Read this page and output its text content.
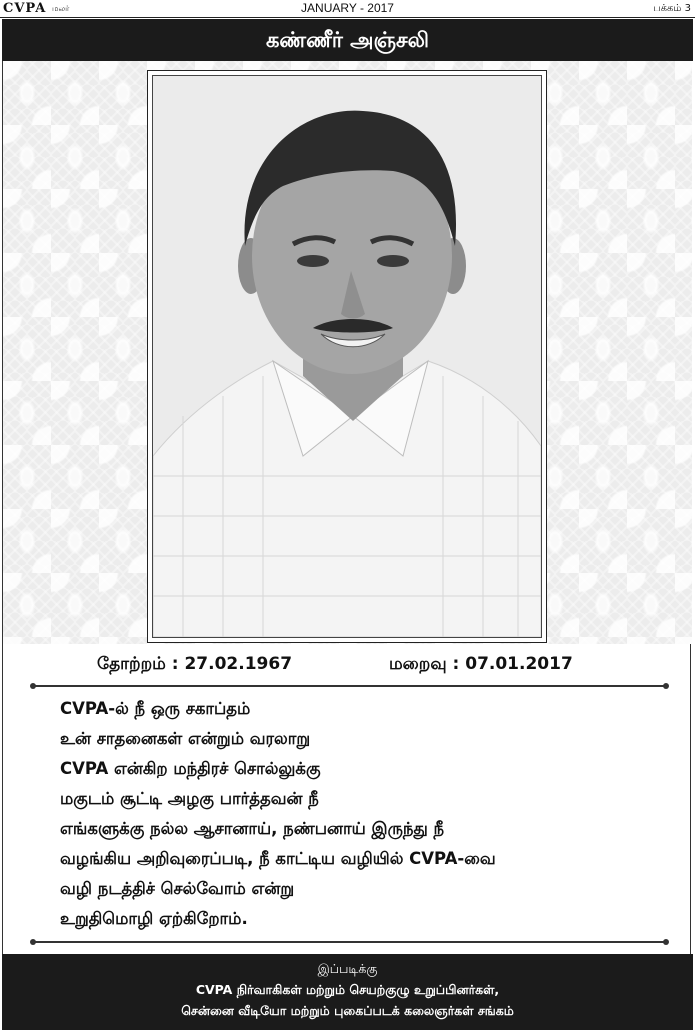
CVPA மலர்	JANUARY - 2017	பக்கம் 3
கண்ணீர் அஞ்சலி
தோற்றம் : 27.02.1967	மறைவு : 07.01.2017
CVPA-ல் நீ ஒரு சகாப்தம்
உன் சாதனைகள் என்றும் வரலாறு
CVPA என்கிற மந்திரச் சொல்லுக்கு
மகுடம் சூட்டி அழகு பார்த்தவன் நீ
எங்களுக்கு நல்ல ஆசானாய், நண்பனாய் இருந்து நீ
வழங்கிய அறிவுரைப்படி, நீ காட்டிய வழியில் CVPA-வை
வழி நடத்திச் செல்வோம் என்று
உறுதிமொழி ஏற்கிறோம்.
இப்படிக்கு
CVPA நிர்வாகிகள் மற்றும் செயற்குழு உறுப்பினர்கள்,
சென்னை வீடியோ மற்றும் புகைப்படக் கலைஞர்கள் சங்கம்
